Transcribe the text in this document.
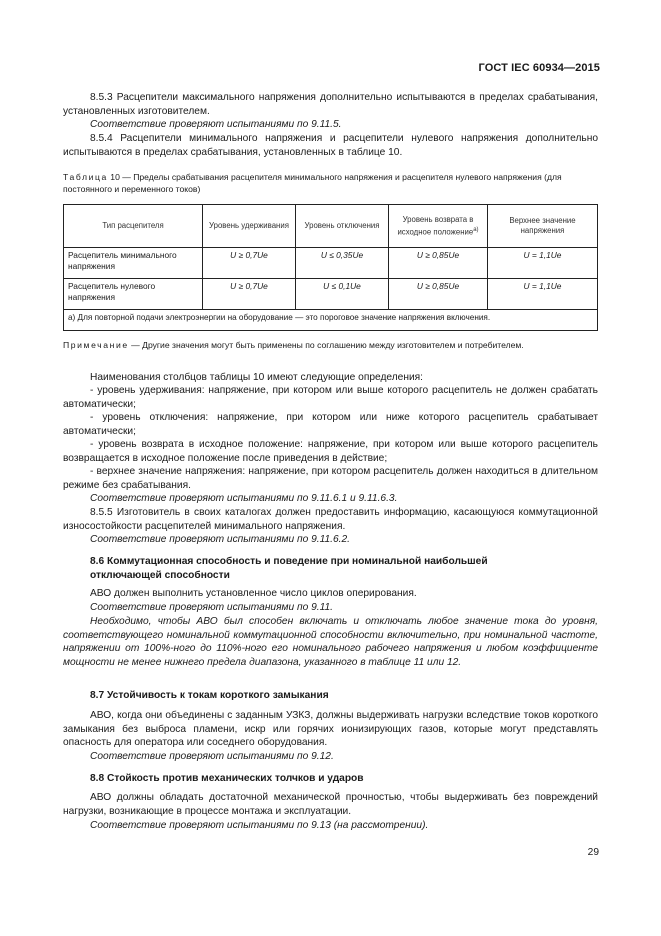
ГОСТ IEC 60934—2015
8.5.3 Расцепители максимального напряжения дополнительно испытываются в пределах срабатывания, установленных изготовителем.
Соответствие проверяют испытаниями по 9.11.5.
8.5.4 Расцепители минимального напряжения и расцепители нулевого напряжения дополнительно испытываются в пределах срабатывания, установленных в таблице 10.
Таблица 10 — Пределы срабатывания расцепителя минимального напряжения и расцепителя нулевого напряжения (для постоянного и переменного токов)
Тип расцепителя	Уровень удерживания	Уровень отключения	Уровень возврата в исходное положение$^{а)}$	Верхнее значение напряжения
Расцепитель минимального напряжения	U ≥ 0,7Ue	U ≤ 0,35Ue	U ≥ 0,85Ue	U = 1,1Ue
Расцепитель нулевого напряжения	U ≥ 0,7Ue	U ≤ 0,1Ue	U ≥ 0,85Ue	U = 1,1Ue
а) Для повторной подачи электроэнергии на оборудование — это пороговое значение напряжения включения.				
Примечание — Другие значения могут быть применены по соглашению между изготовителем и потребителем.
Наименования столбцов таблицы 10 имеют следующие определения:
- уровень удерживания: напряжение, при котором или выше которого расцепитель не должен срабатать автоматически;
- уровень отключения: напряжение, при котором или ниже которого расцепитель срабатывает автоматически;
- уровень возврата в исходное положение: напряжение, при котором или выше которого расцепитель возвращается в исходное положение после приведения в действие;
- верхнее значение напряжения: напряжение, при котором расцепитель должен находиться в длительном режиме без срабатывания.
Соответствие проверяют испытаниями по 9.11.6.1 и 9.11.6.3.
8.5.5 Изготовитель в своих каталогах должен предоставить информацию, касающуюся коммутационной износостойкости расцепителей минимального напряжения.
Соответствие проверяют испытаниями по 9.11.6.2.
8.6 Коммутационная способность и поведение при номинальной наибольшей
отключающей способности
АВО должен выполнить установленное число циклов оперирования.
Соответствие проверяют испытаниями по 9.11.
Необходимо, чтобы АВО был способен включать и отключать любое значение тока до уровня, соответствующего номинальной коммутационной способности включительно, при номинальной частоте, напряжении от 100%-ного до 110%-ного его номинального рабочего напряжения и любом коэффициенте мощности не менее нижнего предела диапазона, указанного в таблице 11 или 12.
8.7 Устойчивость к токам короткого замыкания
АВО, когда они объединены с заданным УЗКЗ, должны выдерживать нагрузки вследствие токов короткого замыкания без выброса пламени, искр или горячих ионизирующих газов, которые могут представлять опасность для оператора или соседнего оборудования.
Соответствие проверяют испытаниями по 9.12.
8.8 Стойкость против механических толчков и ударов
АВО должны обладать достаточной механической прочностью, чтобы выдерживать без повреждений нагрузки, возникающие в процессе монтажа и эксплуатации.
Соответствие проверяют испытаниями по 9.13 (на рассмотрении).
29
